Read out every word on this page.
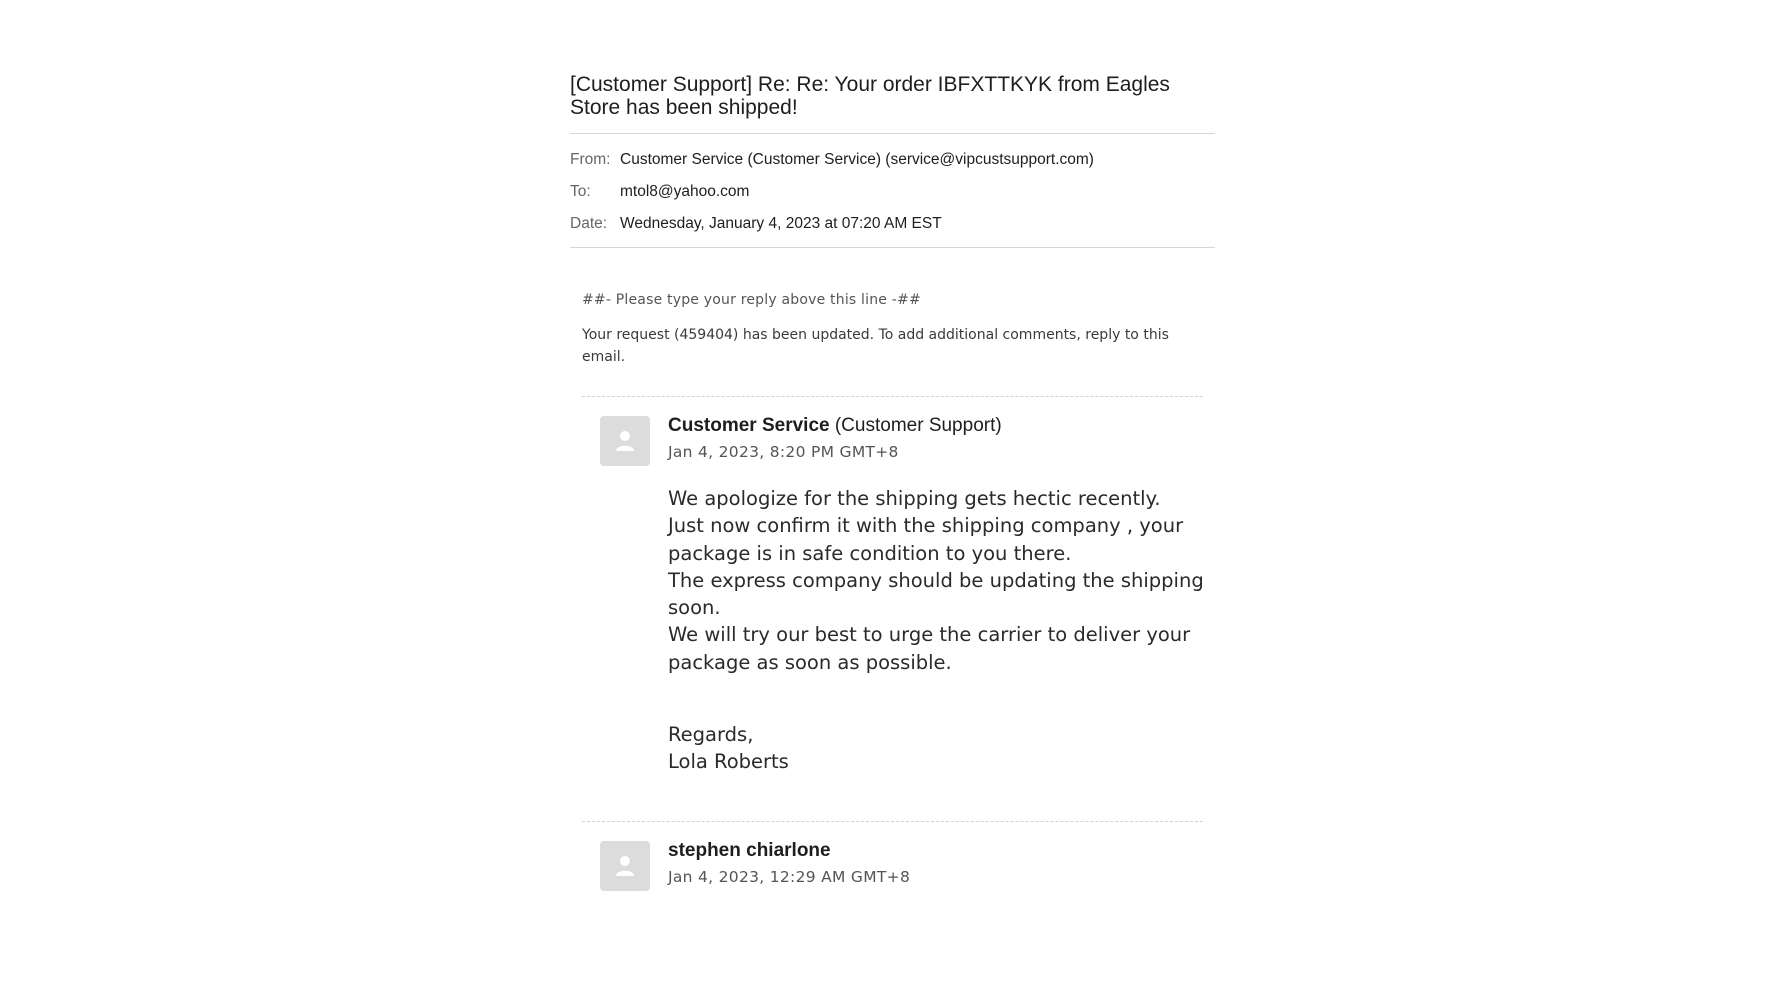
[Customer Support] Re: Re: Your order IBFXTTKYK from Eagles Store has been shipped!
From: Customer Service (Customer Service) (service@vipcustsupport.com)
To:	mtol8@yahoo.com
Date: Wednesday, January 4, 2023 at 07:20 AM EST
##- Please type your reply above this line -##
Your request (459404) has been updated. To add additional comments, reply to this email.
Customer Service (Customer Support)
Jan 4, 2023, 8:20 PM GMT+8

We apologize for the shipping gets hectic recently.

Just now confirm it with the shipping company , your package is in safe condition to you there.

The express company should be updating the shipping soon.

We will try our best to urge the carrier to deliver your package as soon as possible.

Regards,
Lola Roberts
stephen chiarlone
Jan 4, 2023, 12:29 AM GMT+8
